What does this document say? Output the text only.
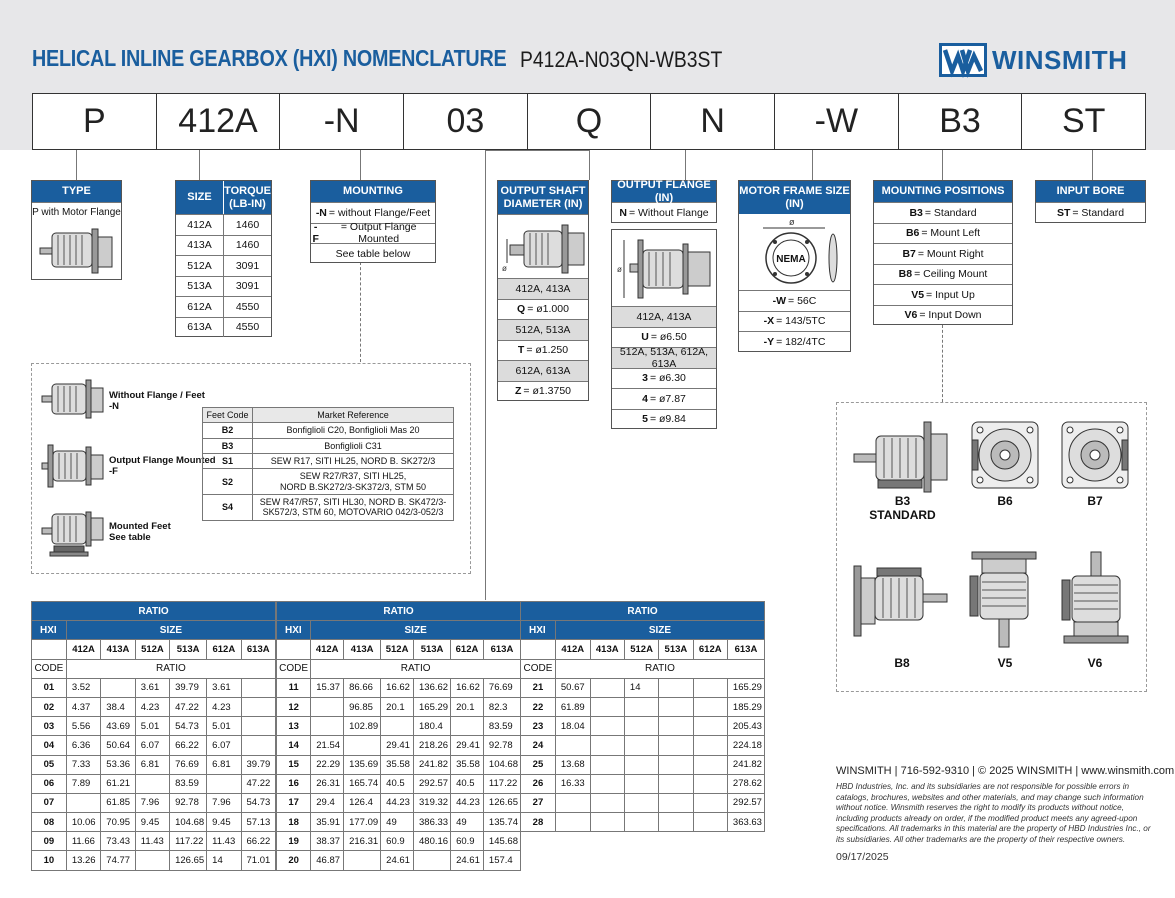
HELICAL INLINE GEARBOX (HXI) NOMENCLATURE P412A-N03QN-WB3ST	WINSMITH
P	412A	-N	03	Q	N	-W	B3	ST
TYPE
P with Motor Flange
SIZE
TORQUE
(LB-IN)
412A	1460
413A	1460
512A	3091
513A	3091
612A	4550
613A	4550
MOUNTING
-N = without Flange/Feet
-F
= Output Flange Mounted
See table below
OUTPUT SHAFT
DIAMETER (IN)
ø
412A, 413A
Q = ø1.000
512A, 513A
T = ø1.250
612A, 613A
Z = ø1.3750
OUTPUT FLANGE (IN)
N = Without Flange
ø
412A, 413A
U = ø6.50
512A, 513A, 612A, 613A
3 = ø6.30
4 = ø7.87
5 = ø9.84
MOTOR FRAME SIZE
(IN)
ø
NEMA
-W = 56C
-X = 143/5TC
-Y = 182/4TC
MOUNTING POSITIONS
B3 = Standard
B6 = Mount Left
B7 = Mount Right
B8 = Ceiling Mount
V5 = Input Up
V6 = Input Down
INPUT BORE
ST = Standard
Without Flange / Feet
-N
Output Flange Mounted
-F
Mounted Feet
See table
Feet Code	Market Reference
B2	Bonfiglioli C20, Bonfiglioli Mas 20
B3	Bonfiglioli C31
S1	SEW R17, SITI HL25, NORD B. SK272/3
S2	SEW R27/R37, SITI HL25,
NORD B.SK272/3-SK372/3, STM 50
S4	SEW R47/R57, SITI HL30, NORD B. SK472/3-
SK572/3, STM 60, MOTOVARIO 042/3-052/3
RATIO						
HXI	SIZE					
	412A	413A	512A	513A	612A	613A
CODE	RATIO					
01	3.52		3.61	39.79	3.61	
02	4.37	38.4	4.23	47.22	4.23	
03	5.56	43.69	5.01	54.73	5.01	
04	6.36	50.64	6.07	66.22	6.07	
05	7.33	53.36	6.81	76.69	6.81	39.79
06	7.89	61.21		83.59		47.22
07		61.85	7.96	92.78	7.96	54.73
08	10.06	70.95	9.45	104.68	9.45	57.13
09	11.66	73.43	11.43	117.22	11.43	66.22
10	13.26	74.77		126.65	14	71.01
RATIO						
HXI	SIZE					
	412A	413A	512A	513A	612A	613A
CODE	RATIO					
11	15.37	86.66	16.62	136.62	16.62	76.69
12		96.85	20.1	165.29	20.1	82.3
13		102.89		180.4		83.59
14	21.54		29.41	218.26	29.41	92.78
15	22.29	135.69	35.58	241.82	35.58	104.68
16	26.31	165.74	40.5	292.57	40.5	117.22
17	29.4	126.4	44.23	319.32	44.23	126.65
18	35.91	177.09	49	386.33	49	135.74
19	38.37	216.31	60.9	480.16	60.9	145.68
20	46.87		24.61		24.61	157.4
RATIO						
HXI	SIZE					
	412A	413A	512A	513A	612A	613A
CODE	RATIO					
21	50.67		14			165.29
22	61.89					185.29
23	18.04					205.43
24						224.18
25	13.68					241.82
26	16.33					278.62
27						292.57
28						363.63
B3
STANDARD
B6	B7
B8	V5	V6
WINSMITH | 716-592-9310 | © 2025 WINSMITH | www.winsmith.com
HBD Industries, Inc. and its subsidiaries are not responsible for possible errors in catalogs, brochures, websites and other materials, and may change such information without notice. Winsmith reserves the right to modify its products without notice, including products already on order, if the modified product meets any agreed-upon specifications. All trademarks in this material are the property of HBD Industries Inc., or its subsidiaries. All other trademarks are the property of their respective owners.
09/17/2025
